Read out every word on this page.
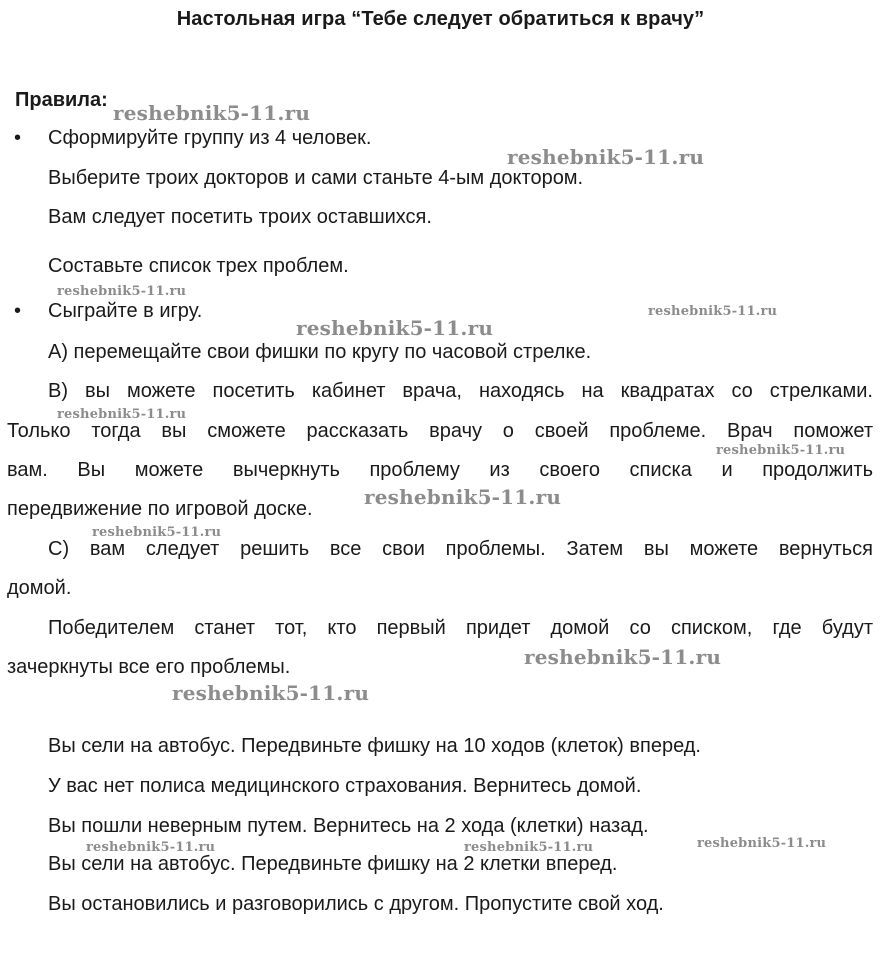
Настольная игра “Тебе следует обратиться к врачу”
Правила:
• Сформируйте группу из 4 человек.
Выберите троих докторов и сами станьте 4-ым доктором.
Вам следует посетить троих оставшихся.
Составьте список трех проблем.
• Сыграйте в игру.
А) перемещайте свои фишки по кругу по часовой стрелке.
В) вы можете посетить кабинет врача, находясь на квадратах со стрелками.
Только тогда вы сможете рассказать врачу о своей проблеме. Врач поможет
вам. Вы можете вычеркнуть проблему из своего списка и продолжить
передвижение по игровой доске.
С) вам следует решить все свои проблемы. Затем вы можете вернуться
домой.
Победителем станет тот, кто первый придет домой со списком, где будут
зачеркнуты все его проблемы.
Вы сели на автобус. Передвиньте фишку на 10 ходов (клеток) вперед.
У вас нет полиса медицинского страхования. Вернитесь домой.
Вы пошли неверным путем. Вернитесь на 2 хода (клетки) назад.
Вы сели на автобус. Передвиньте фишку на 2 клетки вперед.
Вы остановились и разговорились с другом. Пропустите свой ход.
reshebnik5-11.ru
reshebnik5-11.ru
reshebnik5-11.ru
reshebnik5-11.ru
reshebnik5-11.ru
reshebnik5-11.ru
reshebnik5-11.ru
reshebnik5-11.ru
reshebnik5-11.ru
reshebnik5-11.ru
reshebnik5-11.ru
reshebnik5-11.ru	reshebnik5-11.ru	reshebnik5-11.ru
